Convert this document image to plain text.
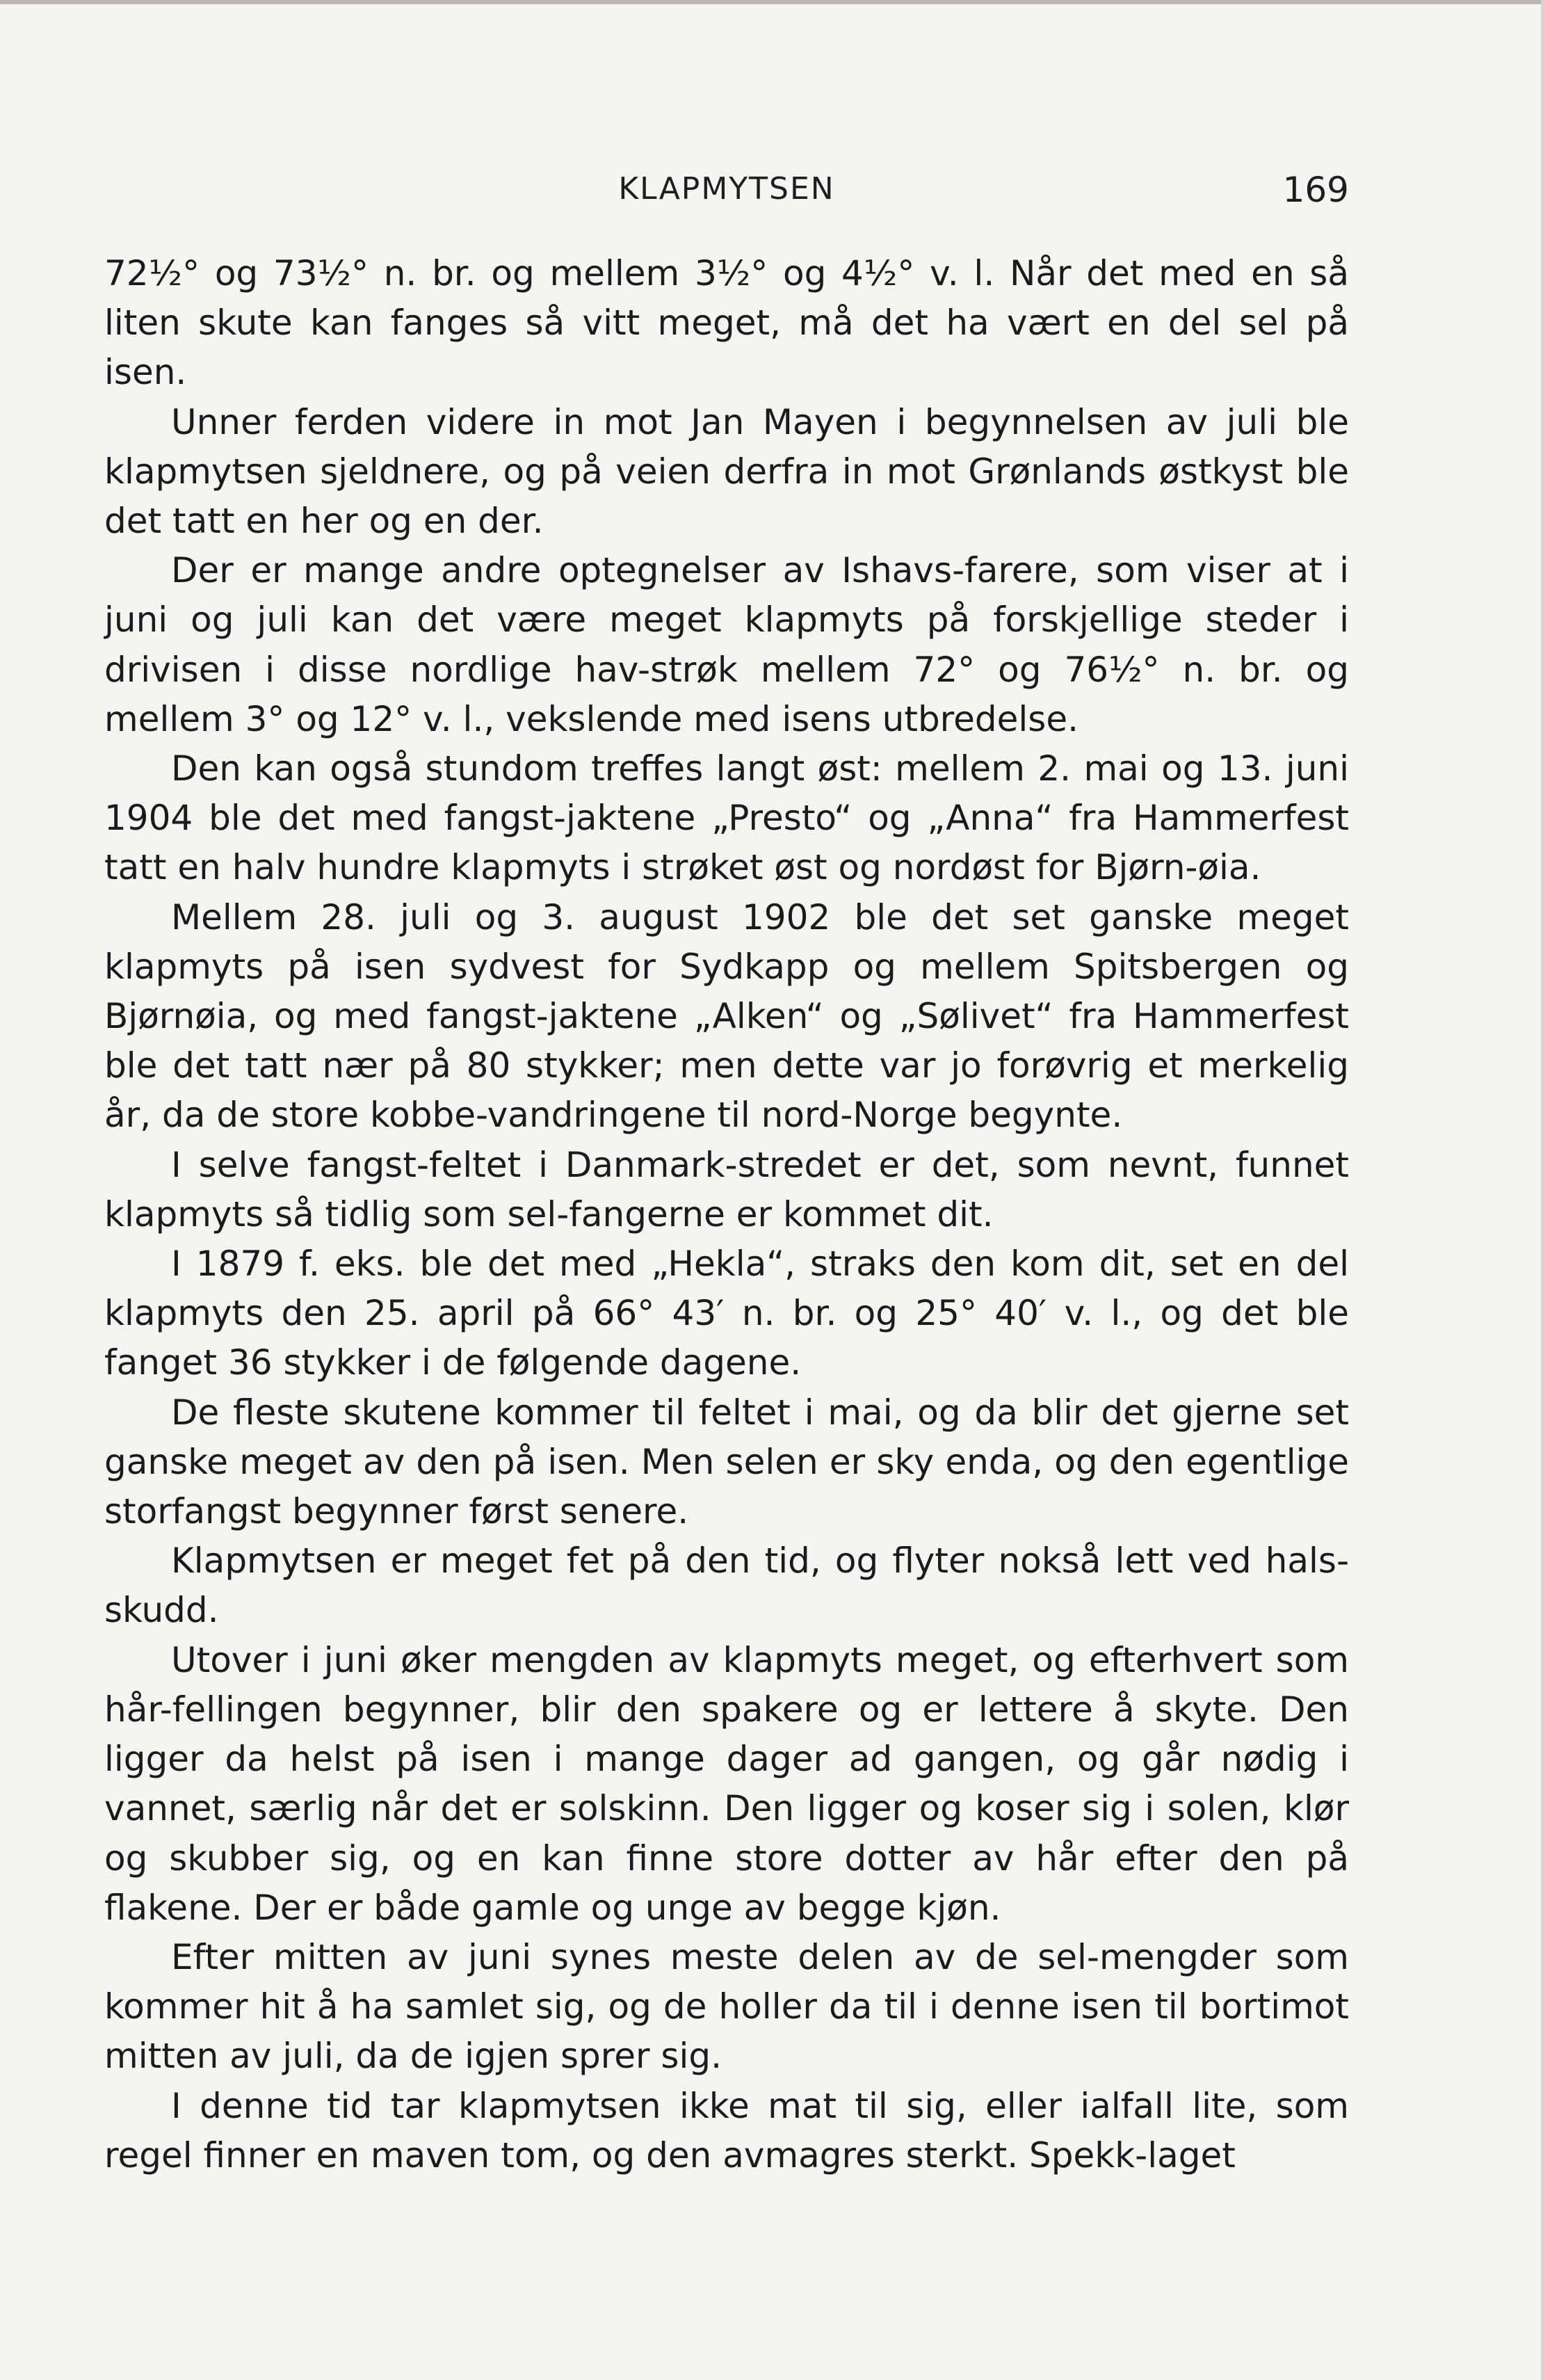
KLAPMYTSEN	169

72½° og 73½° n. br. og mellem 3½° og 4½° v. l. Når det med en så liten skute kan fanges så vitt meget, må det ha vært en del sel på isen.

Unner ferden videre in mot Jan Mayen i begynnelsen av juli ble klapmytsen sjeldnere, og på veien derfra in mot Grønlands østkyst ble det tatt en her og en der.

Der er mange andre optegnelser av Ishavs-farere, som viser at i juni og juli kan det være meget klapmyts på forskjellige steder i drivisen i disse nordlige hav-strøk mellem 72° og 76½° n. br. og mellem 3° og 12° v. l., vekslende med isens utbredelse.

Den kan også stundom treffes langt øst: mellem 2. mai og 13. juni 1904 ble det med fangst-jaktene „Presto“ og „Anna“ fra Hammerfest tatt en halv hundre klapmyts i strøket øst og nordøst for Bjørn-øia.

Mellem 28. juli og 3. august 1902 ble det set ganske meget klapmyts på isen sydvest for Sydkapp og mellem Spitsbergen og Bjørnøia, og med fangst-jaktene „Alken“ og „Sølivet“ fra Hammerfest ble det tatt nær på 80 stykker; men dette var jo forøvrig et merkelig år, da de store kobbe-vandringene til nord-Norge begynte.

I selve fangst-feltet i Danmark-stredet er det, som nevnt, funnet klapmyts så tidlig som sel-fangerne er kommet dit.

I 1879 f. eks. ble det med „Hekla“, straks den kom dit, set en del klapmyts den 25. april på 66° 43′ n. br. og 25° 40′ v. l., og det ble fanget 36 stykker i de følgende dagene.

De fleste skutene kommer til feltet i mai, og da blir det gjerne set ganske meget av den på isen. Men selen er sky enda, og den egentlige storfangst begynner først senere.

Klapmytsen er meget fet på den tid, og flyter nokså lett ved hals-skudd.

Utover i juni øker mengden av klapmyts meget, og efterhvert som hår-fellingen begynner, blir den spakere og er lettere å skyte. Den ligger da helst på isen i mange dager ad gangen, og går nødig i vannet, særlig når det er solskinn. Den ligger og koser sig i solen, klør og skubber sig, og en kan finne store dotter av hår efter den på flakene. Der er både gamle og unge av begge kjøn.

Efter mitten av juni synes meste delen av de sel-mengder som kommer hit å ha samlet sig, og de holler da til i denne isen til bortimot mitten av juli, da de igjen sprer sig.

I denne tid tar klapmytsen ikke mat til sig, eller ialfall lite, som regel finner en maven tom, og den avmagres sterkt. Spekk-laget
